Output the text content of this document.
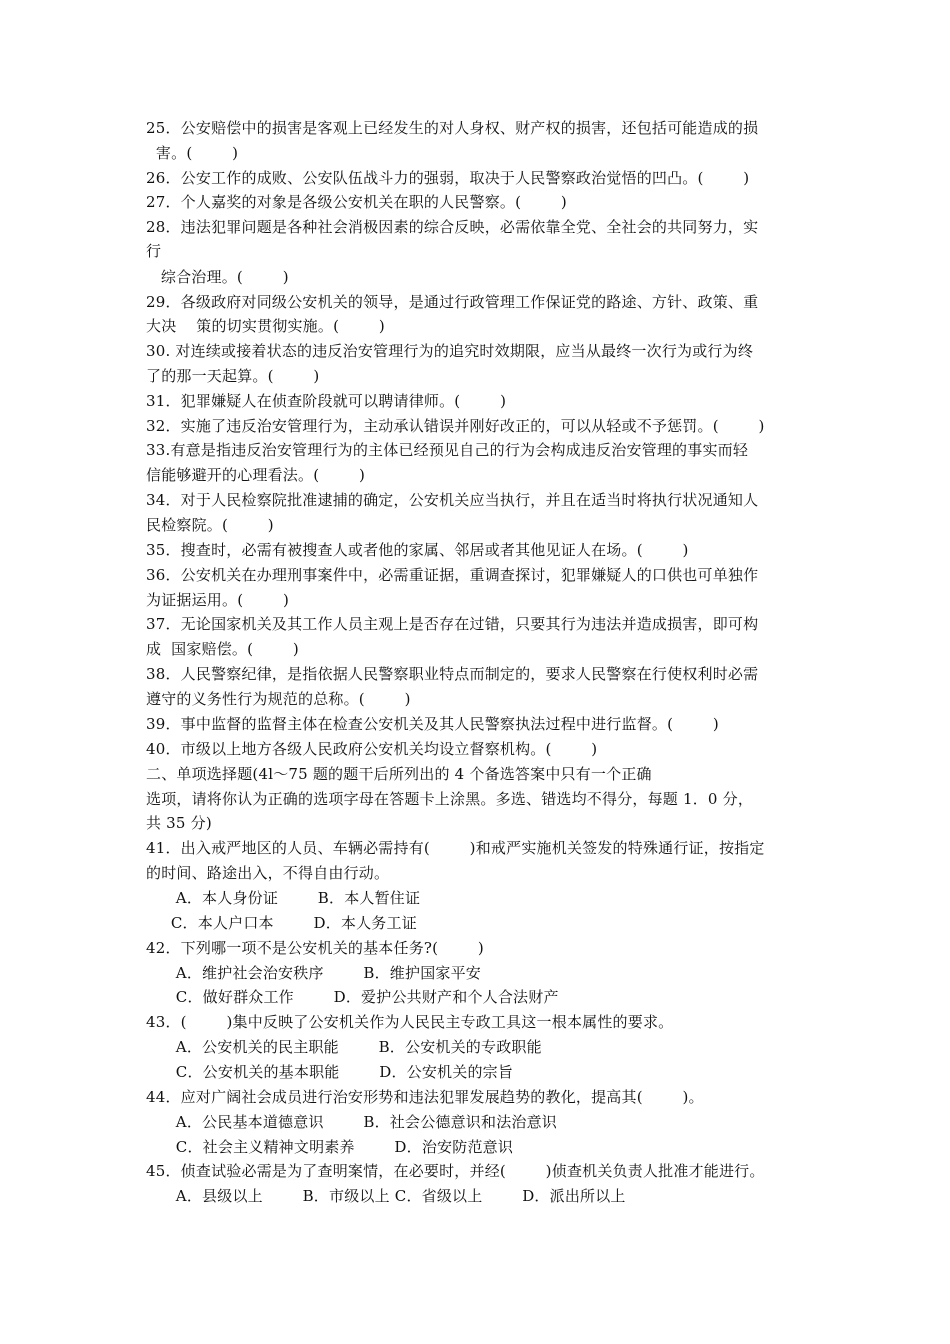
25．公安赔偿中的损害是客观上已经发生的对人身权、财产权的损害，还包括可能造成的损
害。(        )
26．公安工作的成败、公安队伍战斗力的强弱，取决于人民警察政治觉悟的凹凸。(        )
27．个人嘉奖的对象是各级公安机关在职的人民警察。(        )
28．违法犯罪问题是各种社会消极因素的综合反映，必需依靠全党、全社会的共同努力，实
行
综合治理。(        )
29．各级政府对同级公安机关的领导，是通过行政管理工作保证党的路途、方针、政策、重
大决    策的切实贯彻实施。(        )
30. 对连续或接着状态的违反治安管理行为的追究时效期限，应当从最终一次行为或行为终
了的那一天起算。(        )
31．犯罪嫌疑人在侦查阶段就可以聘请律师。(        )
32．实施了违反治安管理行为，主动承认错误并刚好改正的，可以从轻或不予惩罚。(        )
33.有意是指违反治安管理行为的主体已经预见自己的行为会构成违反治安管理的事实而轻
信能够避开的心理看法。(        )
34．对于人民检察院批准逮捕的确定，公安机关应当执行，并且在适当时将执行状况通知人
民检察院。(        )
35．搜查时，必需有被搜查人或者他的家属、邻居或者其他见证人在场。(        )
36．公安机关在办理刑事案件中，必需重证据，重调查探讨，犯罪嫌疑人的口供也可单独作
为证据运用。(        )
37．无论国家机关及其工作人员主观上是否存在过错，只要其行为违法并造成损害，即可构
成  国家赔偿。(        )
38．人民警察纪律，是指依据人民警察职业特点而制定的，要求人民警察在行使权利时必需
遵守的义务性行为规范的总称。(        )
39．事中监督的监督主体在检查公安机关及其人民警察执法过程中进行监督。(        )
40．市级以上地方各级人民政府公安机关均设立督察机构。(        )
二、单项选择题(4l～75 题的题干后所列出的 4 个备选答案中只有一个正确
选项，请将你认为正确的选项字母在答题卡上涂黑。多选、错选均不得分，每题 1．0 分，
共 35 分)
41．出入戒严地区的人员、车辆必需持有(        )和戒严实施机关签发的特殊通行证，按指定
的时间、路途出入，不得自由行动。
A．本人身份证        B．本人暂住证
C．本人户口本        D．本人务工证
42．下列哪一项不是公安机关的基本任务?(        )
A．维护社会治安秩序        B．维护国家平安
C．做好群众工作        D．爱护公共财产和个人合法财产
43．(        )集中反映了公安机关作为人民民主专政工具这一根本属性的要求。
A．公安机关的民主职能        B．公安机关的专政职能
C．公安机关的基本职能        D．公安机关的宗旨
44．应对广阔社会成员进行治安形势和违法犯罪发展趋势的教化，提高其(        )。
A．公民基本道德意识        B．社会公德意识和法治意识
C．社会主义精神文明素养        D．治安防范意识
45．侦查试验必需是为了查明案情，在必要时，并经(        )侦查机关负责人批准才能进行。
A．县级以上        B．市级以上 C．省级以上        D．派出所以上
